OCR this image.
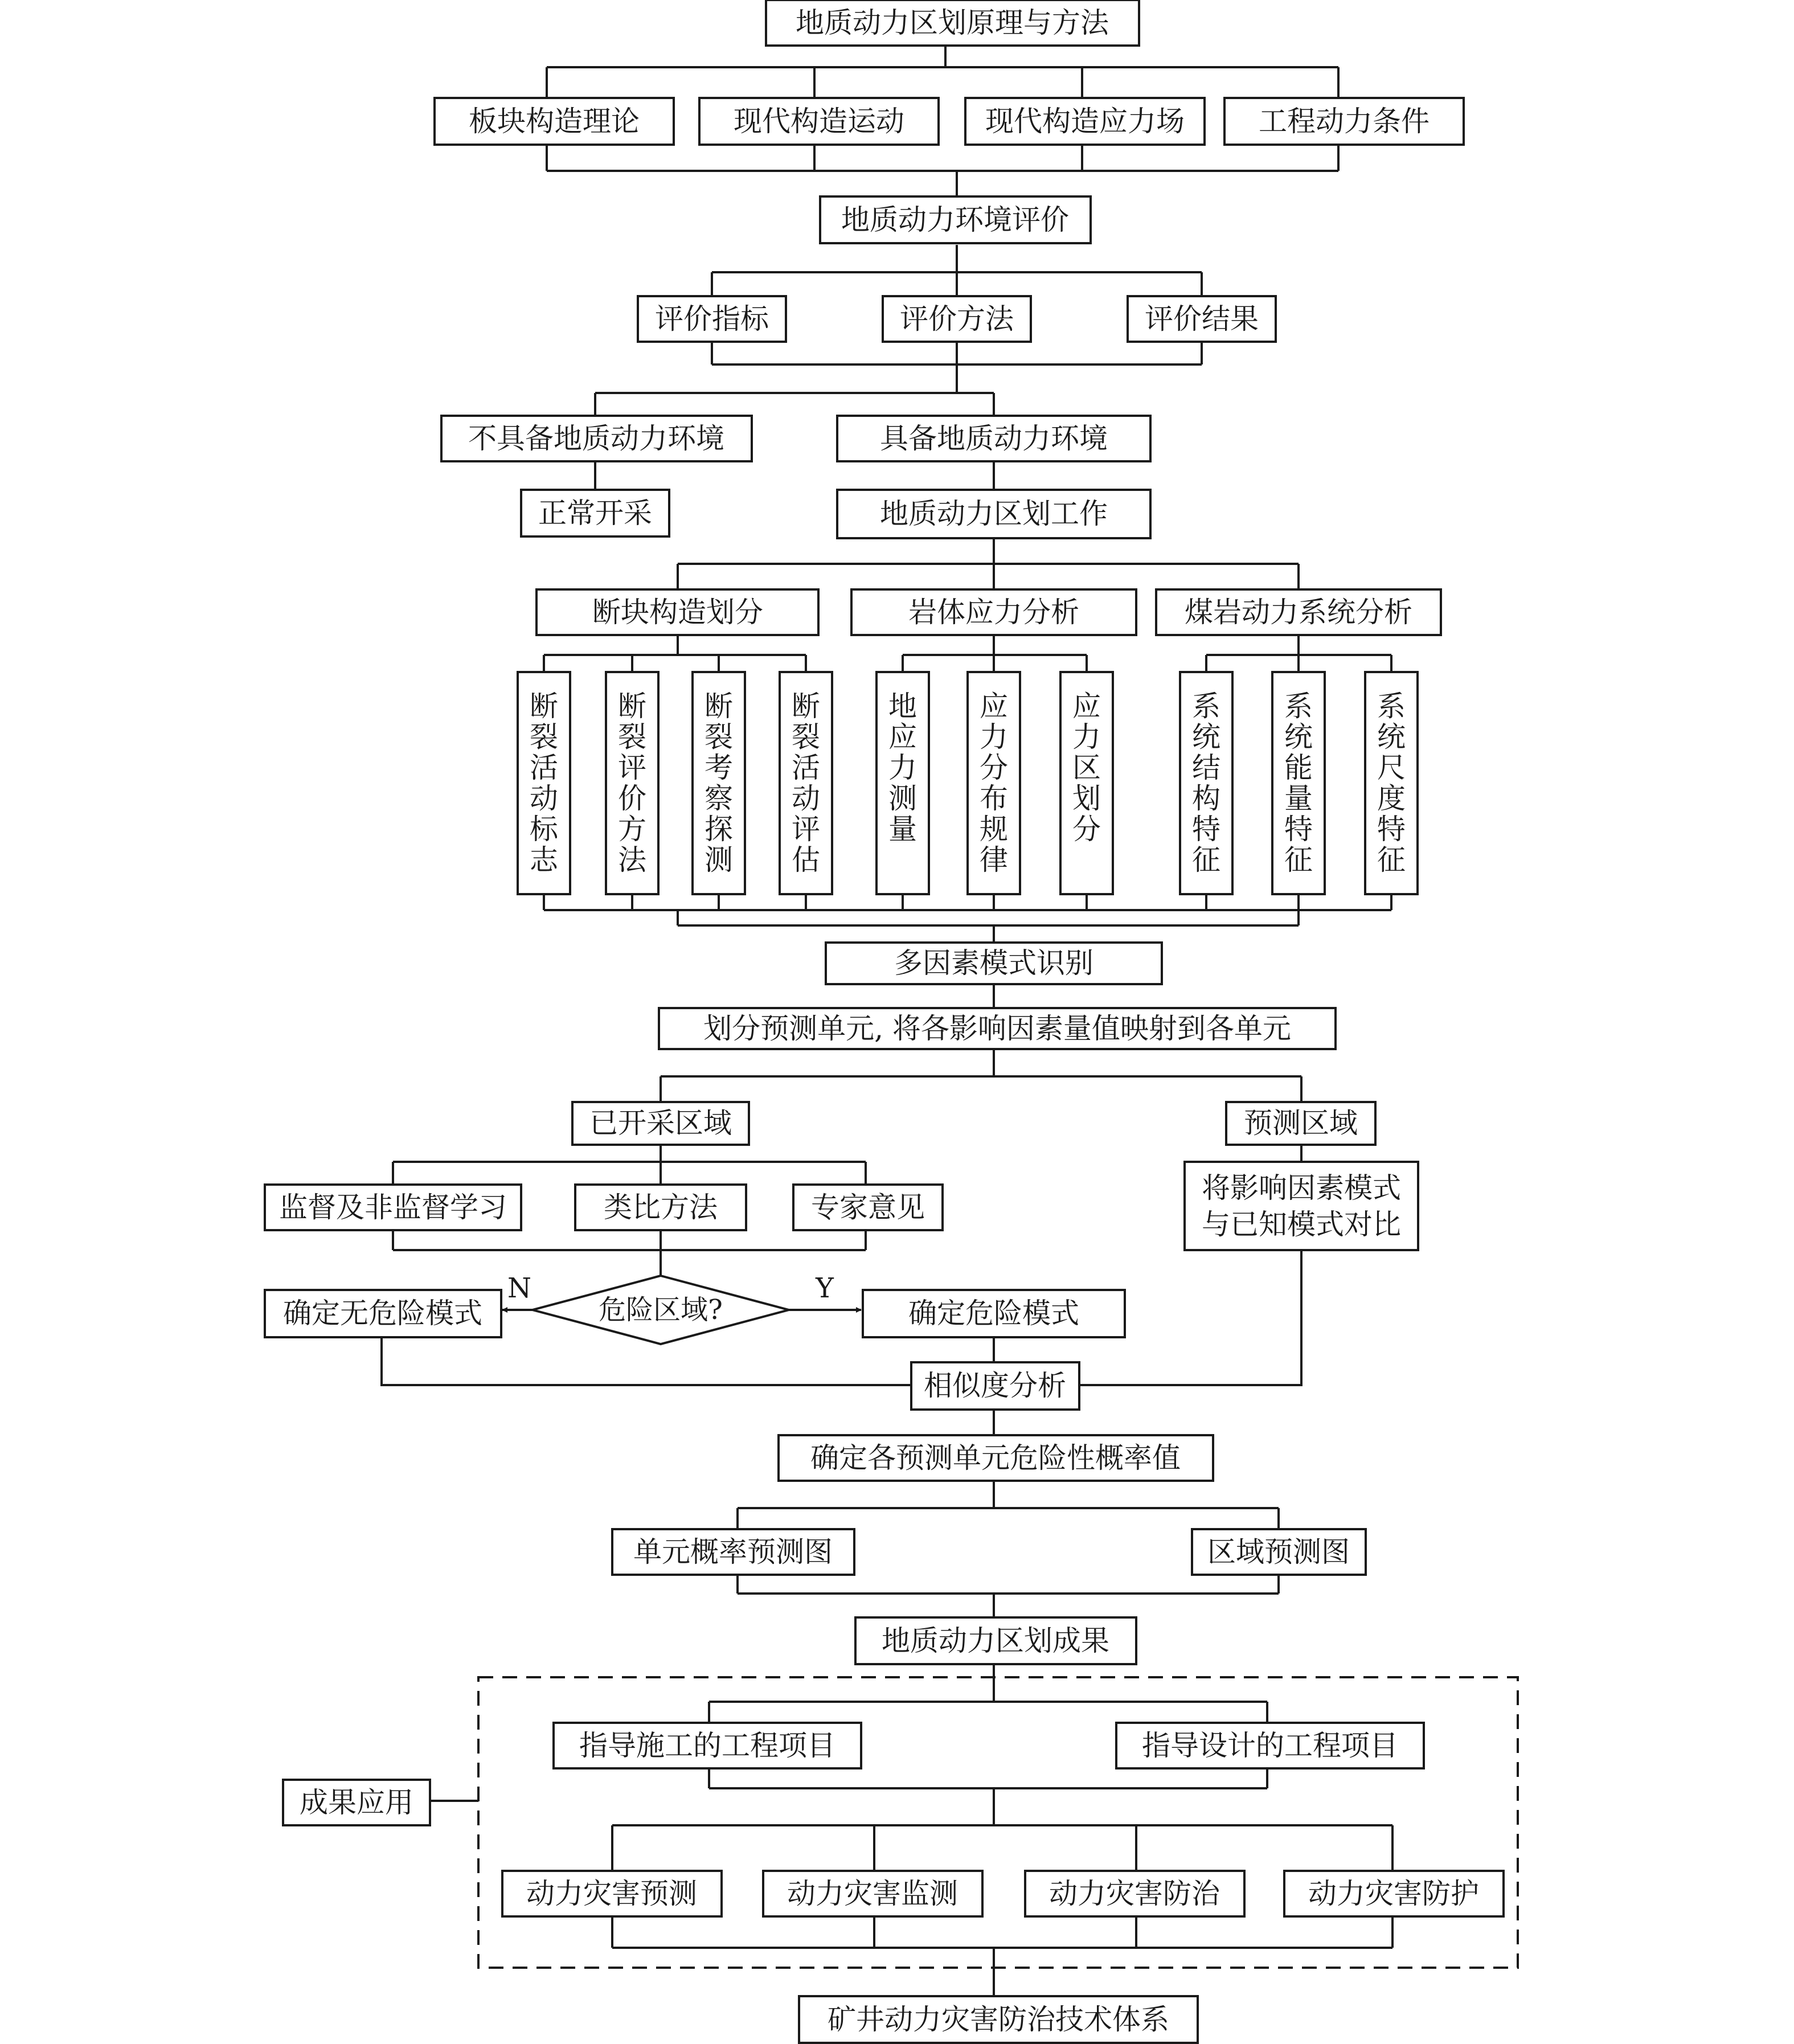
地质动力区划原理与方法
板块构造理论	现代构造运动	现代构造应力场	工程动力条件
地质动力环境评价
评价指标	评价方法	评价结果
不具备地质动力环境	具备地质动力环境
正常开采	地质动力区划工作
断块构造划分	岩体应力分析	煤岩动力系统分析
断裂活动标志
断裂评价方法
断裂考察探测
断裂活动评估
地应力测量
应力分布规律
应力区划分
系统结构特征
系统能量特征
系统尺度特征
多因素模式识别
划分预测单元, 将各影响因素量值映射到各单元
已开采区域	预测区域
监督及非监督学习	类比方法	专家意见
将影响因素模式
与已知模式对比
危险区域?
N	Y
确定无危险模式	确定危险模式
相似度分析
确定各预测单元危险性概率值
单元概率预测图	区域预测图
地质动力区划成果
成果应用
指导施工的工程项目	指导设计的工程项目
动力灾害预测	动力灾害监测	动力灾害防治	动力灾害防护
矿井动力灾害防治技术体系
